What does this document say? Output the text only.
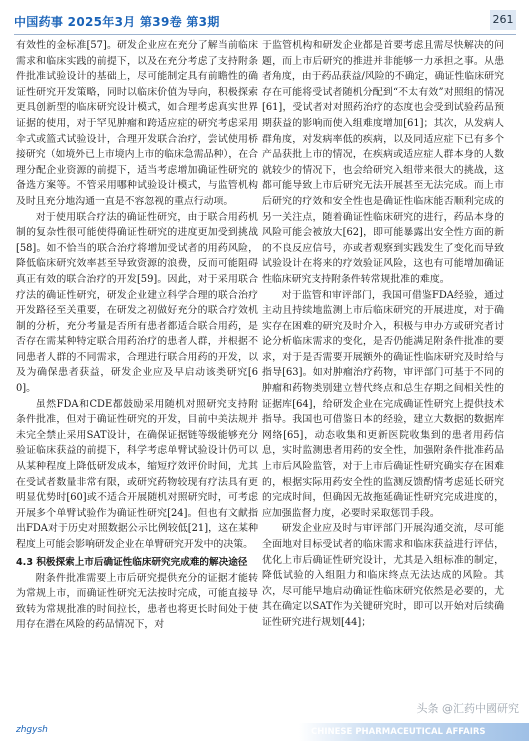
中国药事 2025年3月 第39卷 第3期	261

有效性的金标准[57]。研发企业应在充分了解当前临床需求和临床实践的前提下，以及在充分考虑了支持附条件批准试验设计的基础上，尽可能制定具有前瞻性的确证性研究开发策略，同时以临床价值为导向，积极探索更具创新型的临床研究设计模式，如合理考虑真实世界证据的使用，对于罕见肿瘤和跨适应症的研究考虑采用伞式或篮式试验设计，合理开发联合治疗，尝试使用桥接研究（如境外已上市境内上市的临床急需品种），在合理分配企业资源的前提下，适当考虑增加确证性研究的备选方案等。不管采用哪种试验设计模式，与监管机构及时且充分地沟通一直是不容忽视的重点行动项。

对于使用联合疗法的确证性研究，由于联合用药机制的复杂性很可能使得确证性研究的进度更加受到挑战[58]。如不恰当的联合治疗将增加受试者的用药风险，降低临床研究效率甚至导致资源的浪费，反而可能阻碍真正有效的联合治疗的开发[59]。因此，对于采用联合疗法的确证性研究，研发企业建立科学合理的联合治疗开发路径至关重要，在研发之初做好充分的联合疗效机制的分析，充分考量是否所有患者都适合联合用药，是否存在需某种特定联合用药治疗的患者人群，并根据不同患者人群的不同需求，合理进行联合用药的开发，以及为确保患者获益，研发企业应及早启动该类研究[60]。

虽然FDA和CDE都鼓励采用随机对照研究支持附条件批准，但对于确证性研究的开发，目前中美法规并未完全禁止采用SAT设计，在确保证据链等级能够充分验证临床获益的前提下，科学考虑单臂试验设计仍可以从某种程度上降低研发成本，缩短疗效评价时间，尤其在受试者数量非常有限，或研究药物较现有疗法具有更明显优势时[60]或不适合开展随机对照研究时，可考虑开展多个单臂试验作为确证性研究[24]。但也有文献指出FDA对于历史对照数据公示比例较低[21]，这在某种程度上可能会影响研发企业在单臂研究开发中的决策。

4.3 积极探索上市后确证性临床研究完成难的解决途径

附条件批准需要上市后研究提供充分的证据才能转为常规上市，而确证性研究无法按时完成，可能直接导致转为常规批准的时间拉长，患者也将更长时间处于使用存在潜在风险的药品情况下，对

于监管机构和研发企业都是首要考虑且需尽快解决的问题，而上市后研究的推进并非能够一力承担之事。从患者角度，由于药品获益/风险的不确定，确证性临床研究存在可能将受试者随机分配到“不太有效”对照组的情况[61]，受试者对对照药治疗的态度也会受到试验药品预期获益的影响而使入组难度增加[61]；其次，从发病人群角度，对发病率低的疾病，以及同适应症下已有多个产品获批上市的情况，在疾病或适应症人群本身的人数就较少的情况下，也会给研究入组带来很大的挑战，这都可能导致上市后研究无法开展甚至无法完成。而上市后研究的疗效和安全性也是确证性临床能否顺利完成的另一关注点，随着确证性临床研究的进行，药品本身的风险可能会被放大[62]，即可能暴露出安全性方面的新的不良反应信号，亦或者观察到实践发生了变化而导致试验设计在将来的疗效验证风险，这也有可能增加确证性临床研究支持附条件转常规批准的难度。

对于监管和审评部门，我国可借鉴FDA经验，通过主动且持续地监测上市后临床研究的开展进度，对于确实存在困难的研究及时介入，积极与申办方或研究者讨论分析临床需求的变化，是否仍能满足附条件批准的要求，对于是否需要开展额外的确证性临床研究及时给与指导[63]。如对肿瘤治疗药物，审评部门可基于不同的肿瘤和药物类别建立替代终点和总生存期之间相关性的证据库[64]，给研发企业在完成确证性研究上提供技术指导。我国也可借鉴日本的经验，建立大数据的数据库网络[65]，动态收集和更新医院收集到的患者用药信息，实时监测患者用药的安全性，加强附条件批准药品上市后风险监管，对于上市后确证性研究确实存在困难的，根据实际用药安全性的监测反馈酌情考虑延长研究的完成时间，但确因无故拖延确证性研究完成进度的，应加强监督力度，必要时采取惩罚手段。

研发企业应及时与审评部门开展沟通交流，尽可能全面地对目标受试者的临床需求和临床获益进行评估，优化上市后确证性研究设计，尤其是入组标准的制定，降低试验的入组阻力和临床终点无法达成的风险。其次，尽可能早地启动确证性临床研究依然是必要的，尤其在确定以SAT作为关键研究时，即可以开始对后续确证性研究进行规划[44]；

zhgysh	CHINESE PHARMACEUTICAL AFFAIRS
头条 @汇药中國研究
